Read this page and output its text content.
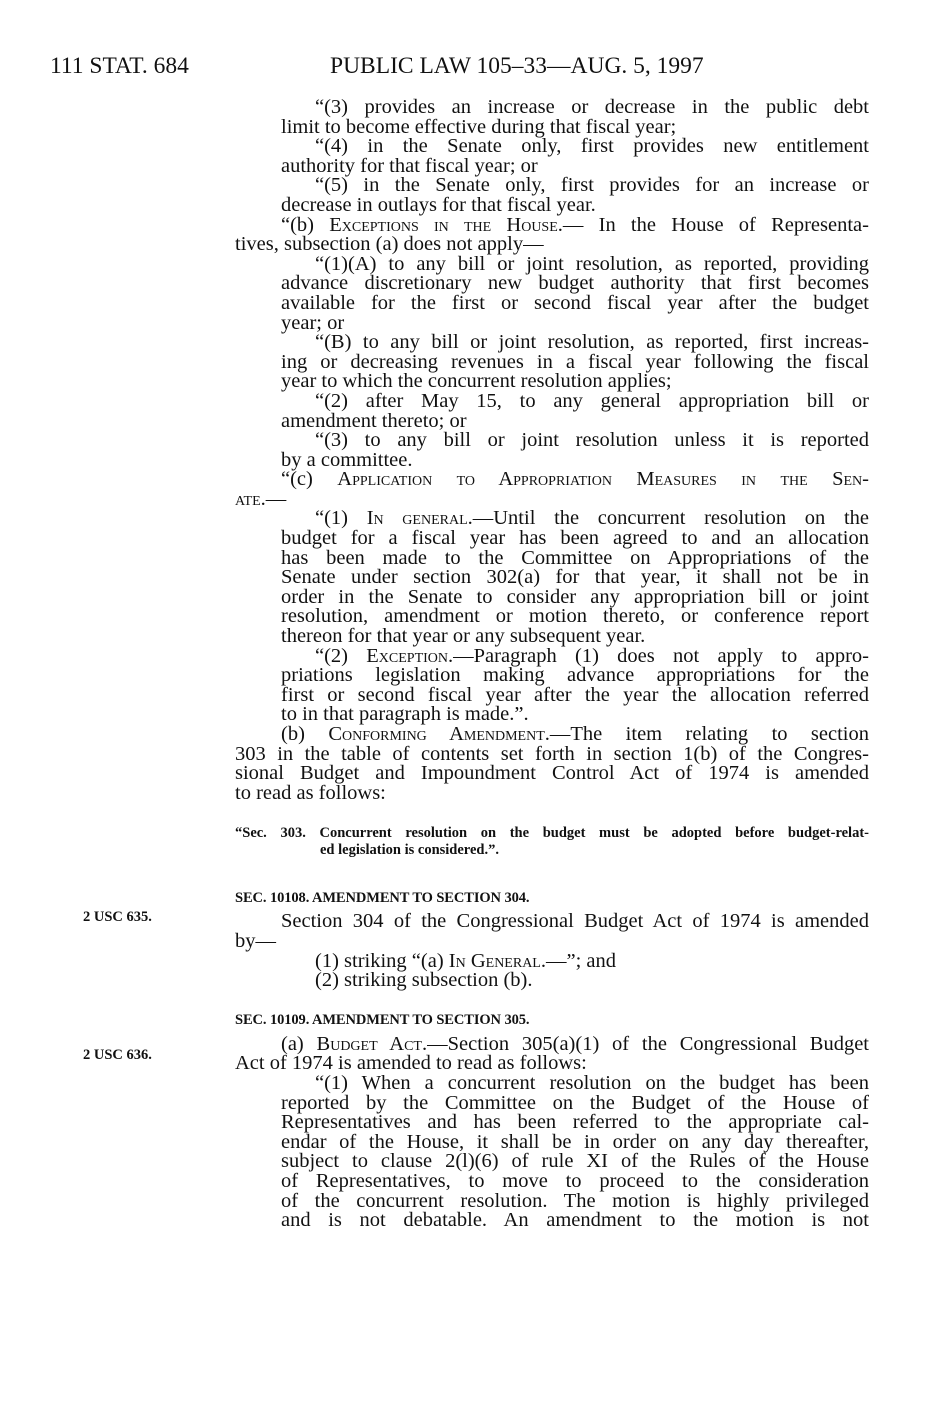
111 STAT. 684	PUBLIC LAW 105–33—AUG. 5, 1997
2 USC 635.
2 USC 636.
“(3) provides an increase or decrease in the public debt
limit to become effective during that fiscal year;
“(4) in the Senate only, first provides new entitlement
authority for that fiscal year; or
“(5) in the Senate only, first provides for an increase or
decrease in outlays for that fiscal year.
“(b) Exceptions in the House.— In the House of Representa-
tives, subsection (a) does not apply—
“(1)(A) to any bill or joint resolution, as reported, providing
advance discretionary new budget authority that first becomes
available for the first or second fiscal year after the budget
year; or
“(B) to any bill or joint resolution, as reported, first increas-
ing or decreasing revenues in a fiscal year following the fiscal
year to which the concurrent resolution applies;
“(2) after May 15, to any general appropriation bill or
amendment thereto; or
“(3) to any bill or joint resolution unless it is reported
by a committee.
“(c) Application to Appropriation Measures in the Sen-
ate.—
“(1) In general.—Until the concurrent resolution on the
budget for a fiscal year has been agreed to and an allocation
has been made to the Committee on Appropriations of the
Senate under section 302(a) for that year, it shall not be in
order in the Senate to consider any appropriation bill or joint
resolution, amendment or motion thereto, or conference report
thereon for that year or any subsequent year.
“(2) Exception.—Paragraph (1) does not apply to appro-
priations legislation making advance appropriations for the
first or second fiscal year after the year the allocation referred
to in that paragraph is made.”.
(b) Conforming Amendment.—The item relating to section
303 in the table of contents set forth in section 1(b) of the Congres-
sional Budget and Impoundment Control Act of 1974 is amended
to read as follows:
“Sec. 303. Concurrent resolution on the budget must be adopted before budget-relat-
ed legislation is considered.”.
SEC. 10108. AMENDMENT TO SECTION 304.
Section 304 of the Congressional Budget Act of 1974 is amended
by—
(1) striking “(a) In General.—”; and
(2) striking subsection (b).
SEC. 10109. AMENDMENT TO SECTION 305.
(a) Budget Act.—Section 305(a)(1) of the Congressional Budget
Act of 1974 is amended to read as follows:
“(1) When a concurrent resolution on the budget has been
reported by the Committee on the Budget of the House of
Representatives and has been referred to the appropriate cal-
endar of the House, it shall be in order on any day thereafter,
subject to clause 2(l)(6) of rule XI of the Rules of the House
of Representatives, to move to proceed to the consideration
of the concurrent resolution. The motion is highly privileged
and is not debatable. An amendment to the motion is not
